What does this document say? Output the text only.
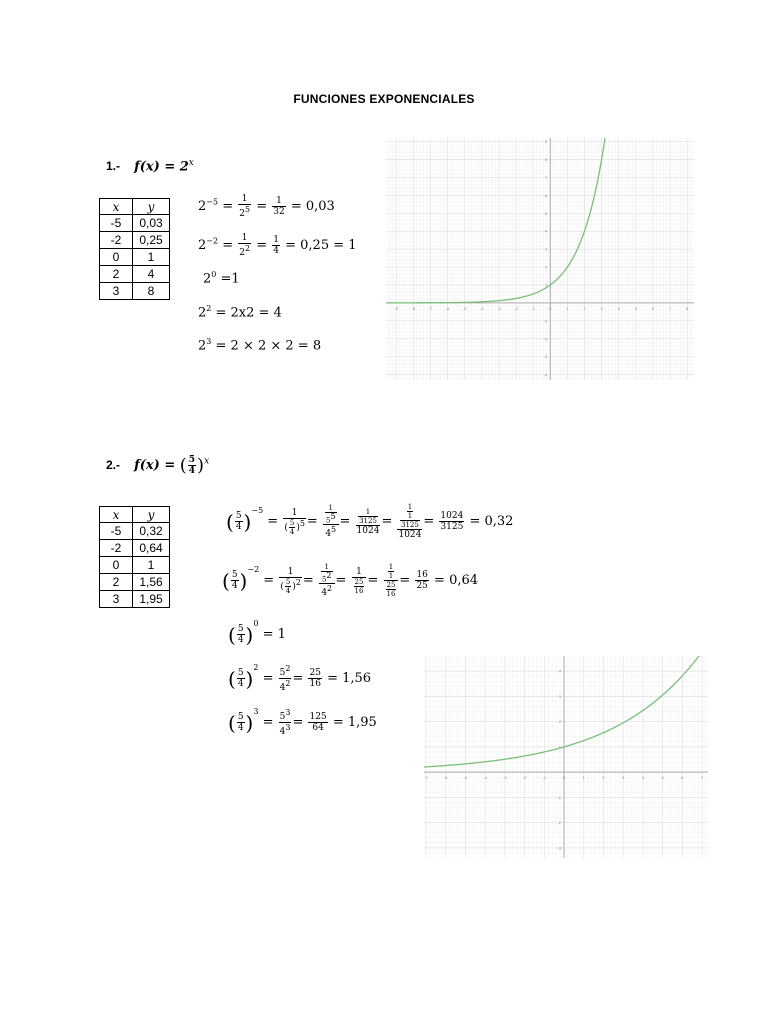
FUNCIONES EXPONENCIALES
1.- $f(x) = 2^x$
x	y
-5	0,03
-2	0,25
0	1
2	4
3	8
$2^{-5} = \frac{1}{2^5} = \frac{1}{32} = 0,03$
$2^{-2} = \frac{1}{2^2} = \frac{1}{4} = 0,25 = 1$
$2^0 =1$
$2^2 = 2x2 = 4$
$2^3 = 2 \times 2 \times 2 = 8$
-9	-8	-7	-6	-5	-4	-3	-2	-1	0	1	2	3	4	5	6	7	8
9
8
7
6
5
4
3
2
1
-1
-2
-3
-4
2.- f(x) = ( $\frac{5}{4} )^x$
x	y
-5	0,32
-2	0,64
0	1
2	1,56
3	1,95
( $\frac{5}{4} )^{-5} = \frac{1}{( \frac{5}{4} )^5} = \frac{\frac{1}{5^5}}{4^5} = \frac{\frac{1}{3125}}{1024} = \frac{\frac{\frac{1}{1}}{3125}}{1024} = \frac{1024}{3125} = 0,32$
( $\frac{5}{4} )^{-2} = \frac{1}{( \frac{5}{4} )^2} = \frac{\frac{1}{5^2}}{4^2} = \frac{1}{\frac{25}{16}} = \frac{\frac{1}{1}}{\frac{25}{16}} = \frac{16}{25} = 0,64$
( $\frac{5}{4} )^0 = 1$
( $\frac{5}{4} )^2 = \frac{5^2}{4^2} = \frac{25}{16} = 1,56$
( $\frac{5}{4} )^3 = \frac{5^3}{4^3} = \frac{125}{64} = 1,95$
-7	-6	-5	-4	-3	-2	-1	0	1	2	3	4	5	6	7
4
3
2
1
-1
-2
-3
